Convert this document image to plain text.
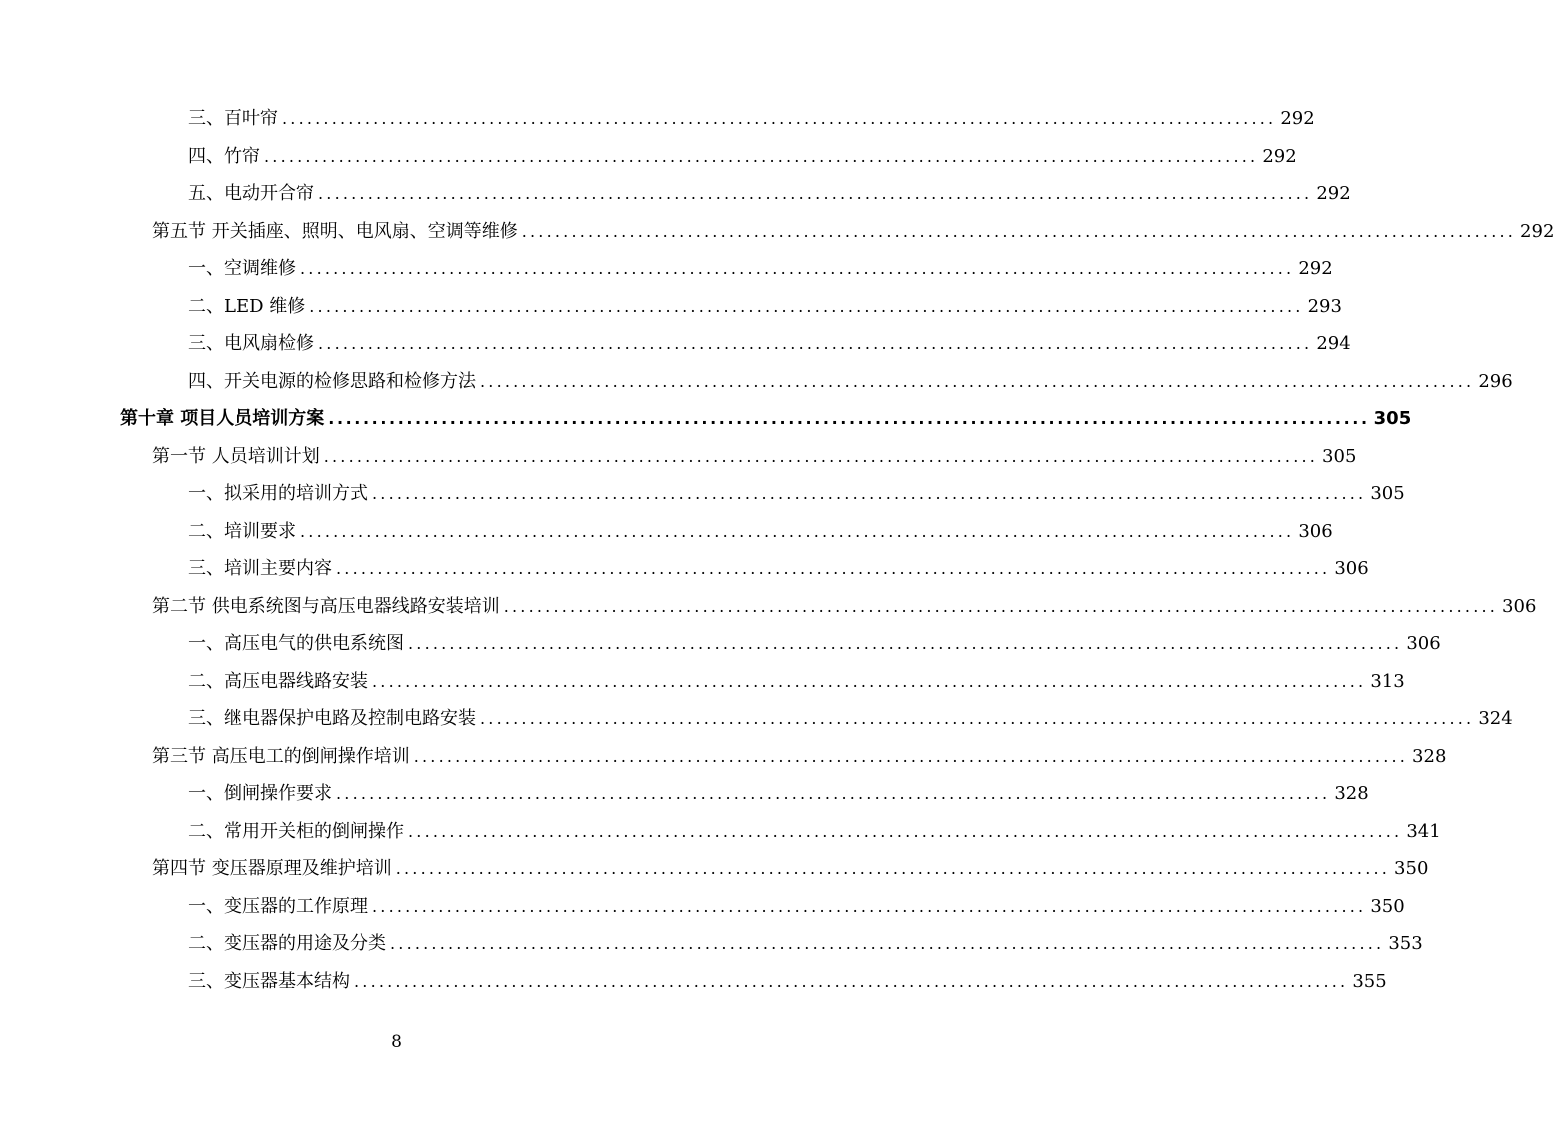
三、百叶帘 ........................................................................................................................ 292
四、竹帘 ........................................................................................................................ 292
五、电动开合帘 ........................................................................................................................ 292
第五节 开关插座、照明、电风扇、空调等维修 ........................................................................................................................ 292
一、空调维修 ........................................................................................................................ 292
二、LED 维修 ........................................................................................................................ 293
三、电风扇检修 ........................................................................................................................ 294
四、开关电源的检修思路和检修方法 ........................................................................................................................ 296
第十章 项目人员培训方案 ........................................................................................................................ 305
第一节 人员培训计划 ........................................................................................................................ 305
一、拟采用的培训方式 ........................................................................................................................ 305
二、培训要求 ........................................................................................................................ 306
三、培训主要内容 ........................................................................................................................ 306
第二节 供电系统图与高压电器线路安装培训 ........................................................................................................................ 306
一、高压电气的供电系统图 ........................................................................................................................ 306
二、高压电器线路安装 ........................................................................................................................ 313
三、继电器保护电路及控制电路安装 ........................................................................................................................ 324
第三节 高压电工的倒闸操作培训 ........................................................................................................................ 328
一、倒闸操作要求 ........................................................................................................................ 328
二、常用开关柜的倒闸操作 ........................................................................................................................ 341
第四节 变压器原理及维护培训 ........................................................................................................................ 350
一、变压器的工作原理 ........................................................................................................................ 350
二、变压器的用途及分类 ........................................................................................................................ 353
三、变压器基本结构 ........................................................................................................................ 355
8
